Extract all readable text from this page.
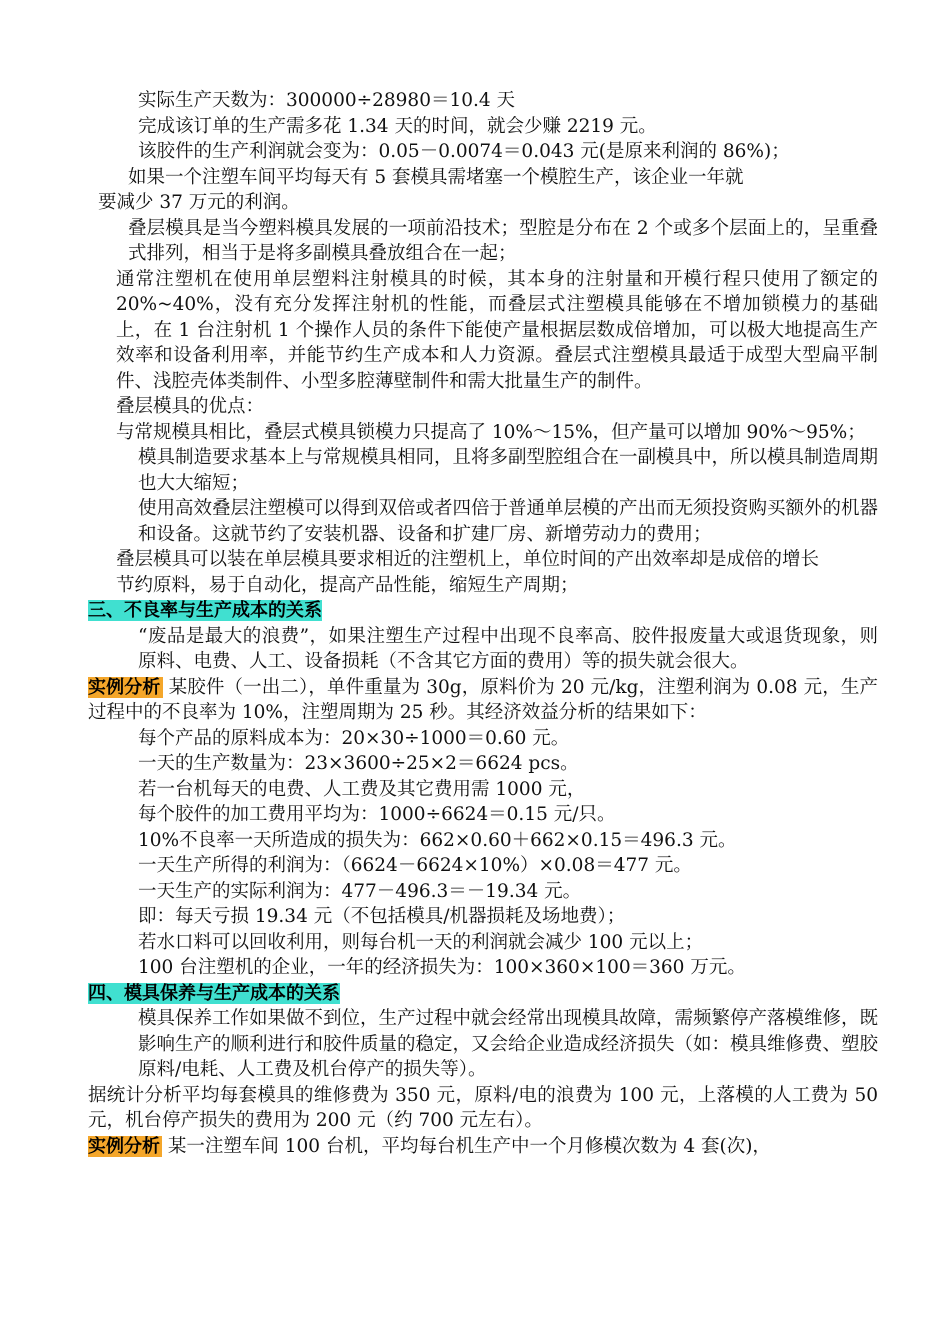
实际生产天数为：300000÷28980＝10.4 天

完成该订单的生产需多花 1.34 天的时间，就会少赚 2219 元。

该胶件的生产利润就会变为：0.05－0.0074＝0.043 元(是原来利润的 86%)；

如果一个注塑车间平均每天有 5 套模具需堵塞一个模腔生产，该企业一年就

要减少 37 万元的利润。

叠层模具是当今塑料模具发展的一项前沿技术；型腔是分布在 2 个或多个层面上的，呈重叠式排列，相当于是将多副模具叠放组合在一起；

通常注塑机在使用单层塑料注射模具的时候，其本身的注射量和开模行程只使用了额定的 20%~40%，没有充分发挥注射机的性能，而叠层式注塑模具能够在不增加锁模力的基础上，在 1 台注射机 1 个操作人员的条件下能使产量根据层数成倍增加，可以极大地提高生产效率和设备利用率，并能节约生产成本和人力资源。叠层式注塑模具最适于成型大型扁平制件、浅腔壳体类制件、小型多腔薄壁制件和需大批量生产的制件。

叠层模具的优点：

与常规模具相比，叠层式模具锁模力只提高了 10%～15%，但产量可以增加 90%～95%；

模具制造要求基本上与常规模具相同，且将多副型腔组合在一副模具中，所以模具制造周期也大大缩短；

使用高效叠层注塑模可以得到双倍或者四倍于普通单层模的产出而无须投资购买额外的机器和设备。这就节约了安装机器、设备和扩建厂房、新增劳动力的费用；

叠层模具可以装在单层模具要求相近的注塑机上，单位时间的产出效率却是成倍的增长

节约原料，易于自动化，提高产品性能，缩短生产周期；

三、不良率与生产成本的关系

“废品是最大的浪费”，如果注塑生产过程中出现不良率高、胶件报废量大或退货现象，则原料、电费、人工、设备损耗（不含其它方面的费用）等的损失就会很大。

实例分析 某胶件（一出二），单件重量为 30g，原料价为 20 元/kg，注塑利润为 0.08 元，生产过程中的不良率为 10%，注塑周期为 25 秒。其经济效益分析的结果如下：

每个产品的原料成本为：20×30÷1000＝0.60 元。

一天的生产数量为：23×3600÷25×2＝6624 pcs。

若一台机每天的电费、人工费及其它费用需 1000 元，

每个胶件的加工费用平均为：1000÷6624＝0.15 元/只。

10%不良率一天所造成的损失为：662×0.60＋662×0.15＝496.3 元。

一天生产所得的利润为：（6624－6624×10%）×0.08＝477 元。

一天生产的实际利润为：477－496.3＝－19.34 元。

即：每天亏损 19.34 元（不包括模具/机器损耗及场地费）；

若水口料可以回收利用，则每台机一天的利润就会减少 100 元以上；

100 台注塑机的企业，一年的经济损失为：100×360×100＝360 万元。

四、模具保养与生产成本的关系

模具保养工作如果做不到位，生产过程中就会经常出现模具故障，需频繁停产落模维修，既影响生产的顺利进行和胶件质量的稳定，又会给企业造成经济损失（如：模具维修费、塑胶原料/电耗、人工费及机台停产的损失等）。

据统计分析平均每套模具的维修费为 350 元，原料/电的浪费为 100 元，上落模的人工费为 50 元，机台停产损失的费用为 200 元（约 700 元左右）。

实例分析 某一注塑车间 100 台机，平均每台机生产中一个月修模次数为 4 套(次)，
